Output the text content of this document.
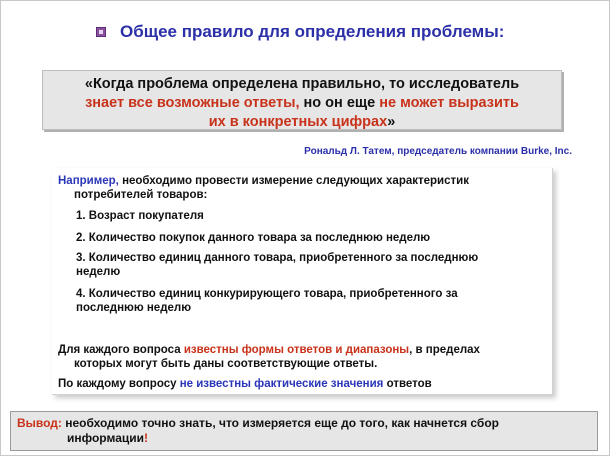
Общее правило для определения проблемы:
«Когда проблема определена правильно, то исследователь
знает все возможные ответы, но он еще не может выразить
их в конкретных цифрах»
Рональд Л. Татем, председатель компании Burke, Inc.
Например, необходимо провести измерение следующих характеристик
потребителей товаров:
1. Возраст покупателя
2. Количество покупок данного товара за последнюю неделю
3. Количество единиц данного товара, приобретенного за последнюю
неделю
4. Количество единиц конкурирующего товара, приобретенного за
последнюю неделю
Для каждого вопроса известны формы ответов и диапазоны, в пределах
которых могут быть даны соответствующие ответы.
По каждому вопросу не известны фактические значения ответов
Вывод: необходимо точно знать, что измеряется еще до того, как начнется сбор
информации!
